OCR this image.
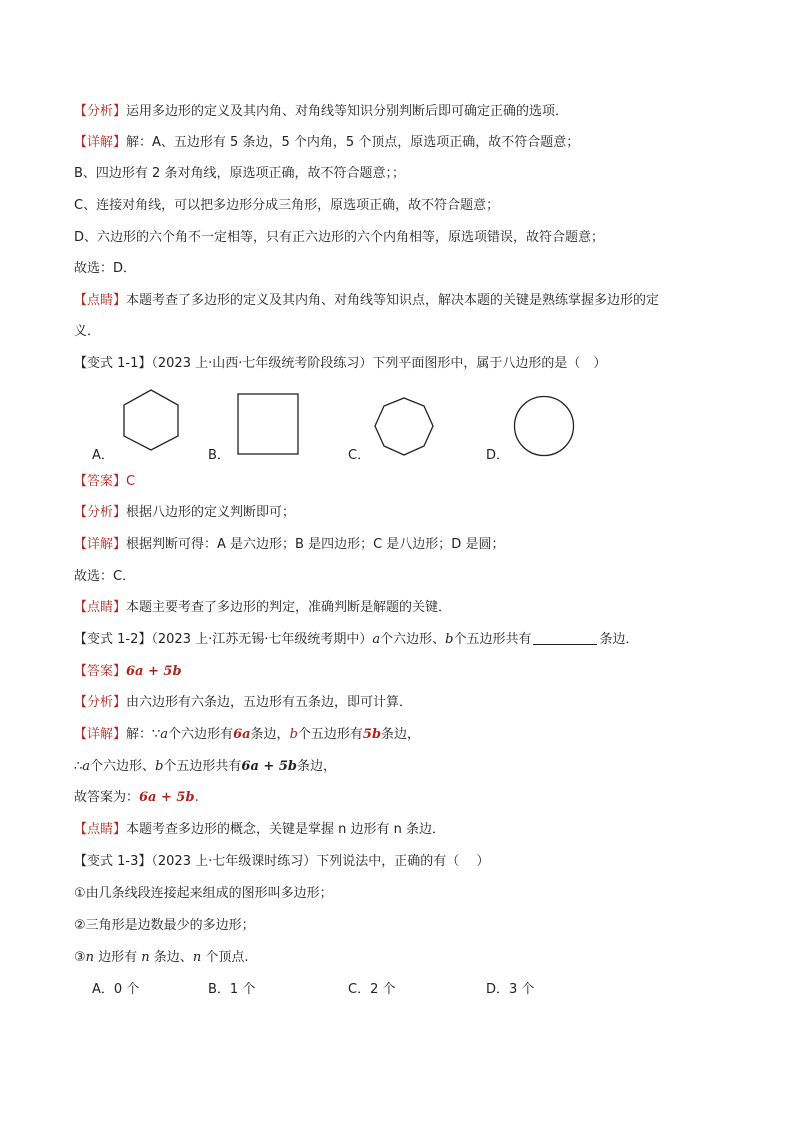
【分析】运用多边形的定义及其内角、对角线等知识分别判断后即可确定正确的选项．
【详解】解：A、五边形有 5 条边，5 个内角，5 个顶点，原选项正确，故不符合题意；
B、四边形有 2 条对角线，原选项正确，故不符合题意；；
C、连接对角线，可以把多边形分成三角形，原选项正确，故不符合题意；
D、六边形的六个角不一定相等，只有正六边形的六个内角相等，原选项错误，故符合题意；
故选：D．
【点睛】本题考查了多边形的定义及其内角、对角线等知识点，解决本题的关键是熟练掌握多边形的定
义．
【变式 1-1】（2023 上·山西·七年级统考阶段练习）下列平面图形中，属于八边形的是（　）
A．	B．	C．	D．
【答案】C
【分析】根据八边形的定义判断即可；
【详解】根据判断可得：A 是六边形；B 是四边形；C 是八边形；D 是圆；
故选：C．
【点睛】本题主要考查了多边形的判定，准确判断是解题的关键．
【变式 1-2】（2023 上·江苏无锡·七年级统考期中）a个六边形、b个五边形共有	条边．
【答案】6a + 5b
【分析】由六边形有六条边，五边形有五条边，即可计算．
【详解】解：∵a个六边形有6a条边，b个五边形有5b条边，
∴a个六边形、b个五边形共有6a + 5b条边，
故答案为：6a + 5b.
【点睛】本题考查多边形的概念，关键是掌握 n 边形有 n 条边．
【变式 1-3】（2023 上·七年级课时练习）下列说法中，正确的有（　 ）
①由几条线段连接起来组成的图形叫多边形；
②三角形是边数最少的多边形；
③n 边形有 n 条边、n 个顶点.
A．0 个	B．1 个	C．2 个	D．3 个
